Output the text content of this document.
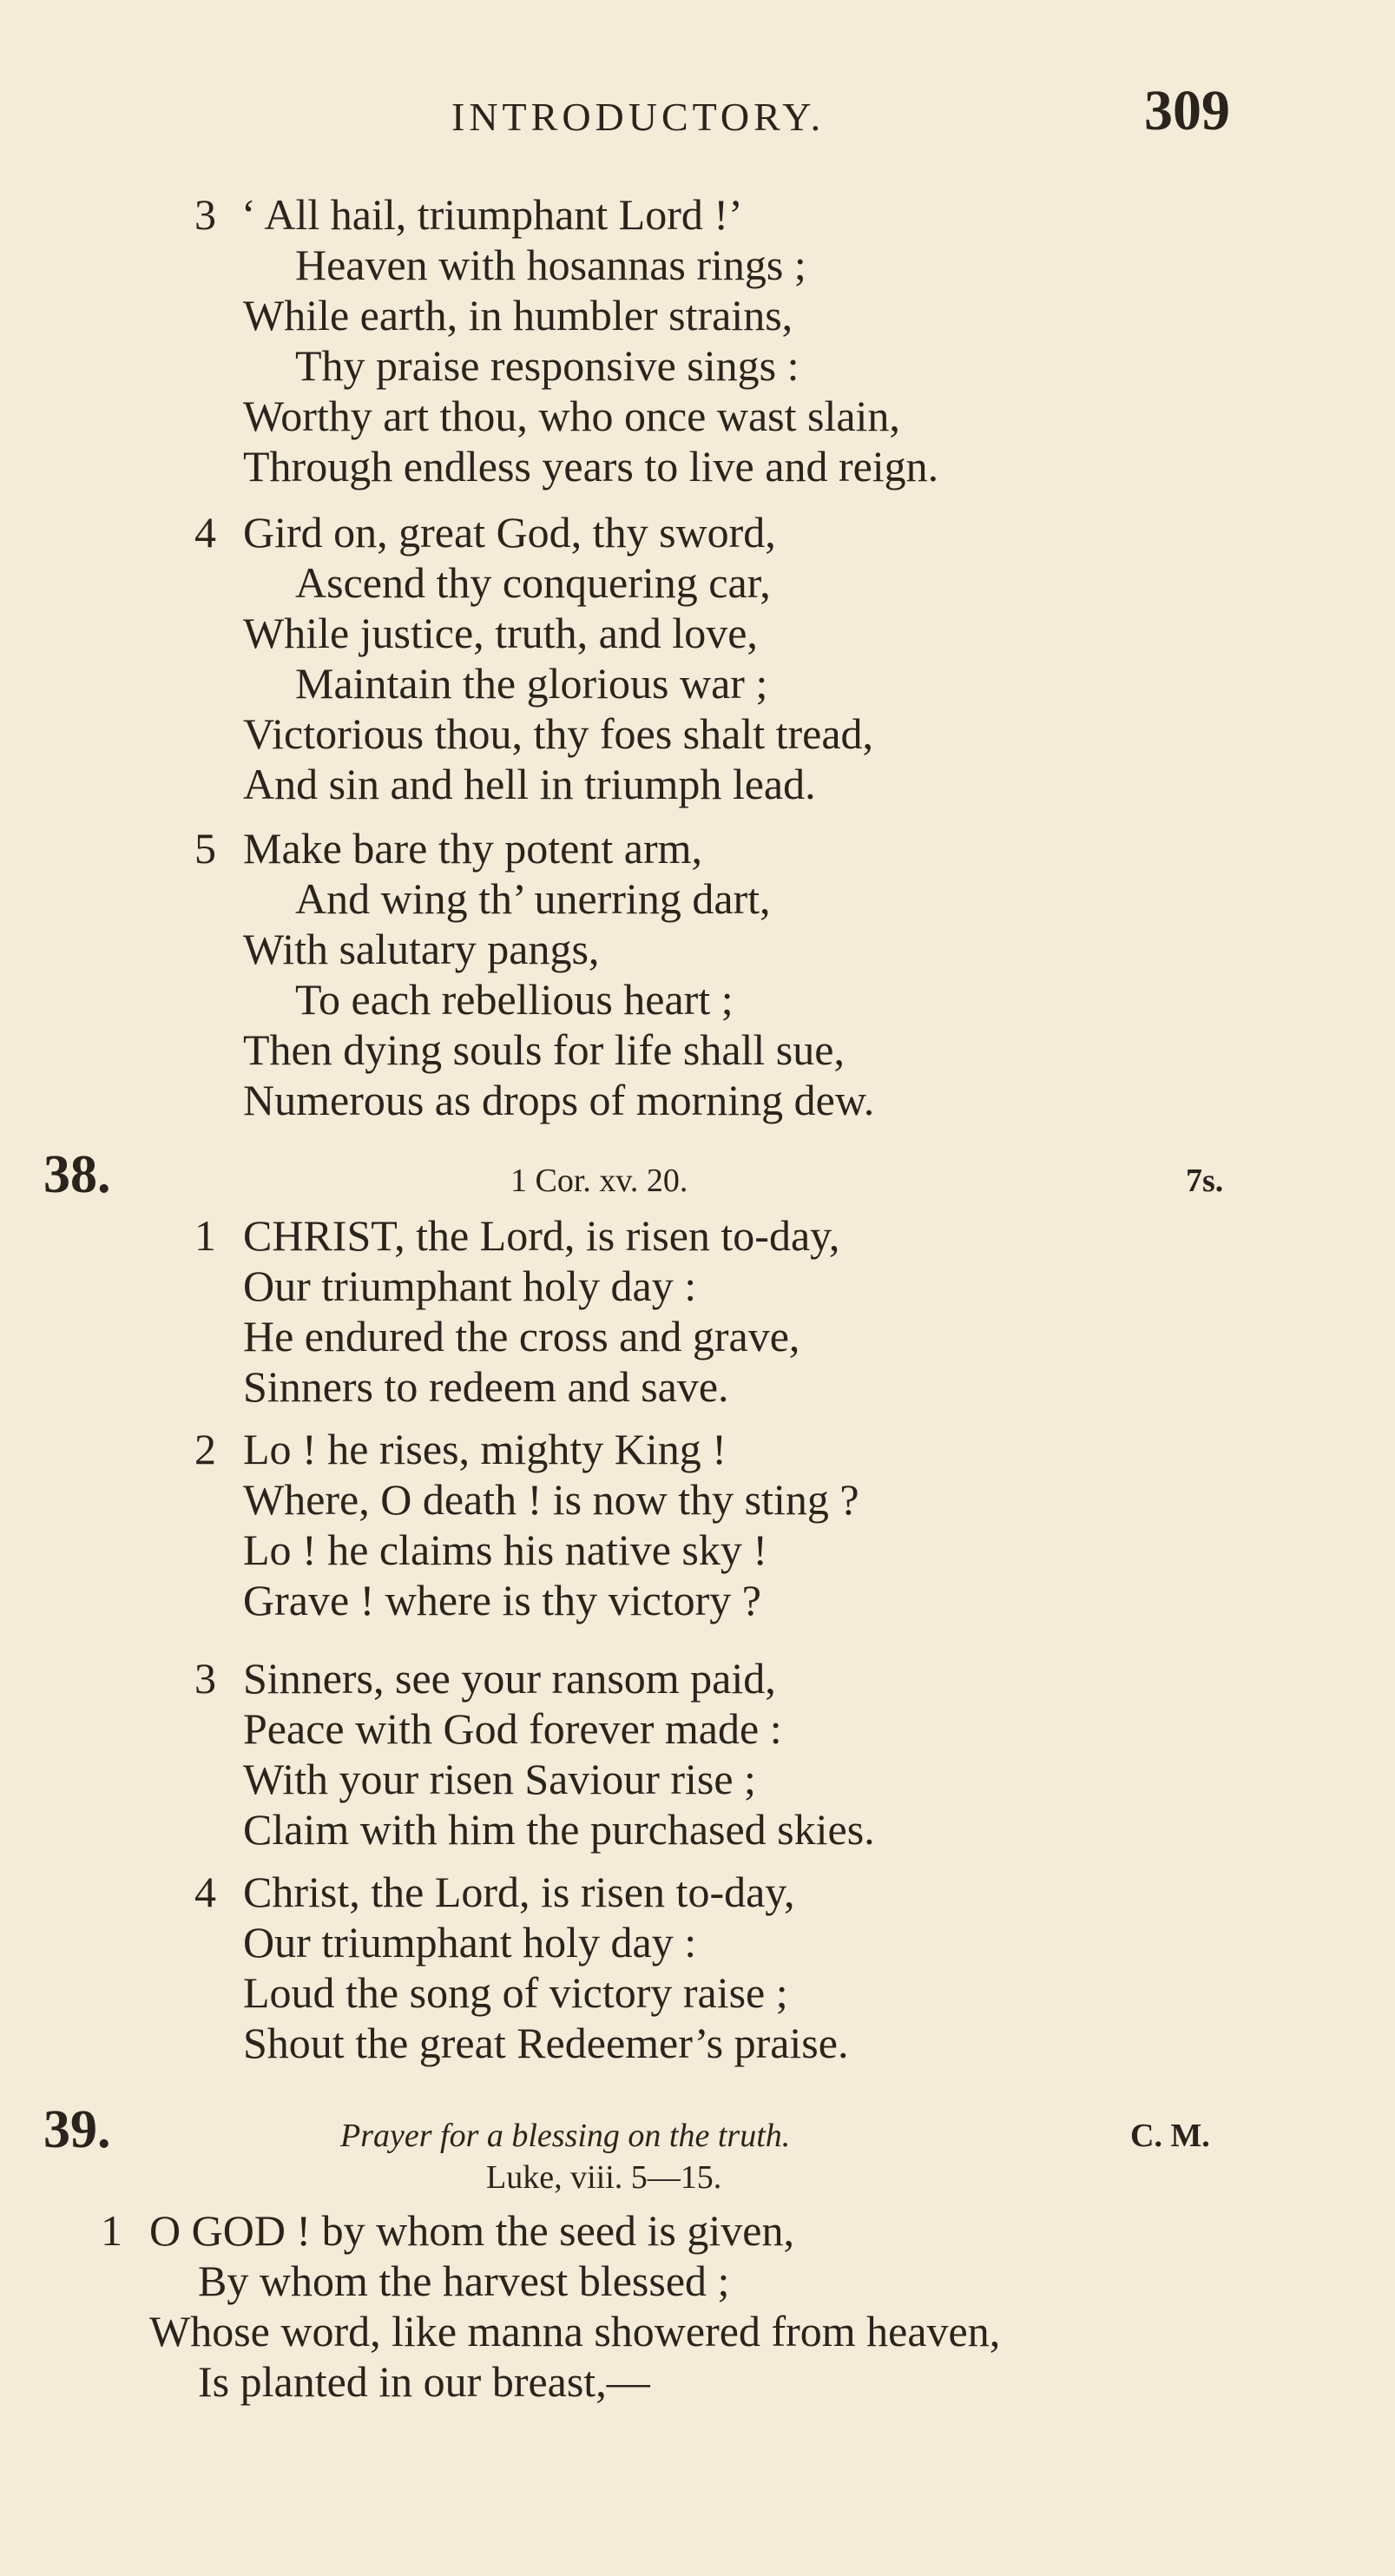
INTRODUCTORY.	309
3 ‘ All hail, triumphant Lord !’
Heaven with hosannas rings ;
While earth, in humbler strains,
Thy praise responsive sings :
Worthy art thou, who once wast slain,
Through endless years to live and reign.
4 Gird on, great God, thy sword,
Ascend thy conquering car,
While justice, truth, and love,
Maintain the glorious war ;
Victorious thou, thy foes shalt tread,
And sin and hell in triumph lead.
5 Make bare thy potent arm,
And wing th’ unerring dart,
With salutary pangs,
To each rebellious heart ;
Then dying souls for life shall sue,
Numerous as drops of morning dew.
38.	1 Cor. xv. 20.	7s.
1 CHRIST, the Lord, is risen to-day,
Our triumphant holy day :
He endured the cross and grave,
Sinners to redeem and save.
2 Lo ! he rises, mighty King !
Where, O death ! is now thy sting ?
Lo ! he claims his native sky !
Grave ! where is thy victory ?
3 Sinners, see your ransom paid,
Peace with God forever made :
With your risen Saviour rise ;
Claim with him the purchased skies.
4 Christ, the Lord, is risen to-day,
Our triumphant holy day :
Loud the song of victory raise ;
Shout the great Redeemer’s praise.
39.	Prayer for a blessing on the truth.	C. M.
Luke, viii. 5—15.
1 O GOD ! by whom the seed is given,
By whom the harvest blessed ;
Whose word, like manna showered from heaven,
Is planted in our breast,—
